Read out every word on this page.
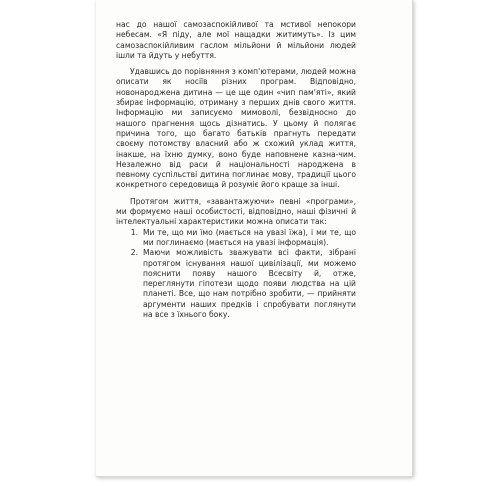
нас до нашої самозаспокійливої та мстивої непокори небесам. «Я піду, але мої нащадки житимуть». Із цим самозаспокійливим гаслом мільйони й мільйони людей ішли та йдуть у небуття.

Удавшись до порівняння з комп'ютерами, людей можна описати як носіїв різних програм. Відповідно, новонароджена дитина — це ще один «чип пам'яті», який збирає інформацію, отриману з перших днів свого життя. Інформацію ми записуємо мимоволі, безвідносно до нашого прагнення щось дізнатись. У цьому й полягає причина того, що багато батьків прагнуть передати своєму потомству власний або ж схожий уклад життя, інакше, на їхню думку, воно буде наповнене казна-чим. Незалежно від раси й національності народжена в певному суспільстві дитина поглинає мову, традиції цього конкретного середовища й розуміє його краще за інші.

Протягом життя, «завантажуючи» певні «програми», ми формуємо наші особистості, відповідно, наші фізичні й інтелектуальні характеристики можна описати так:

1. Ми те, що ми їмо (мається на увазі їжа), і ми те, що ми поглинаємо (мається на увазі інформація).
2. Маючи можливість зважувати всі факти, зібрані протягом існування нашої цивілізації, ми можемо пояснити появу нашого Всесвіту й, отже, переглянути гіпотези щодо появи людства на цій планеті. Все, що нам потрібно зробити, — прийняти аргументи наших предків і спробувати поглянути на все з їхнього боку.
